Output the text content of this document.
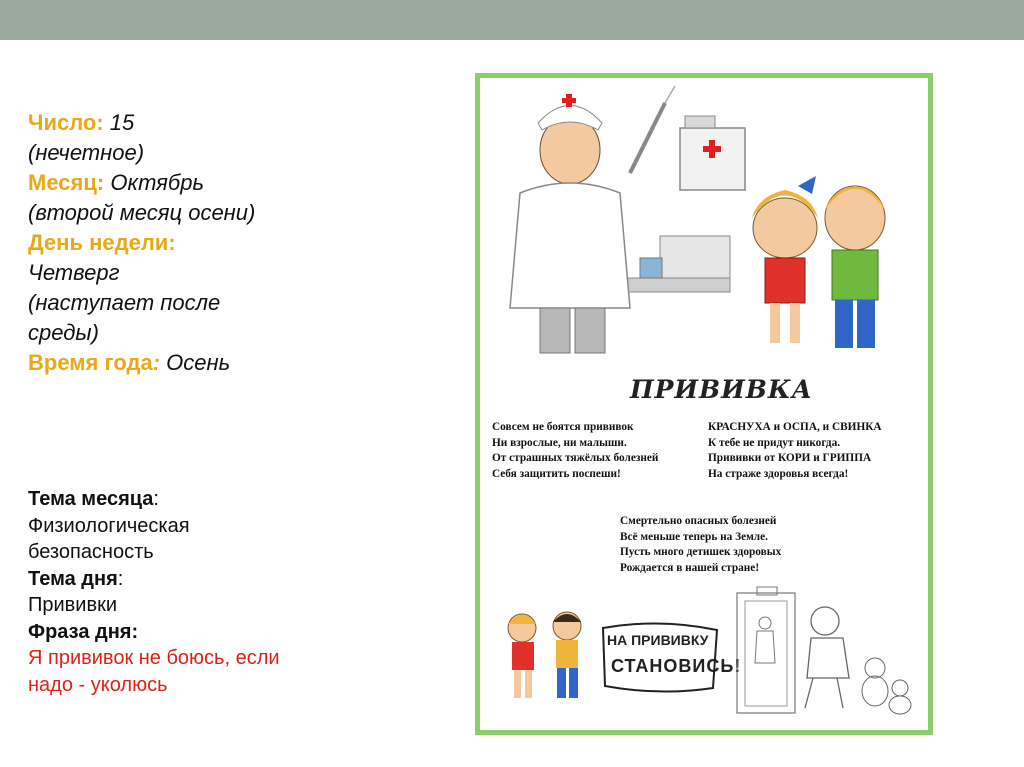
Число: 15
(нечетное)
Месяц: Октябрь
(второй месяц осени)
День недели:
Четверг
(наступает после
среды)
Время года: Осень
Тема месяца:
Физиологическая
безопасность
Тема дня:
Прививки
Фраза дня:
Я прививок не боюсь, если
надо - уколюсь
ПРИВИВКА
Совсем не боятся прививок
Ни взрослые, ни малыши.
От страшных тяжёлых болезней
Себя защитить поспеши!
КРАСНУХА и ОСПА, и СВИНКА
К тебе не придут никогда.
Прививки от КОРИ и ГРИППА
На страже здоровья всегда!
Смертельно опасных болезней
Всё меньше теперь на Земле.
Пусть много детишек здоровых
Рождается в нашей стране!
НА ПРИВИВКУ
СТАНОВИСЬ!
